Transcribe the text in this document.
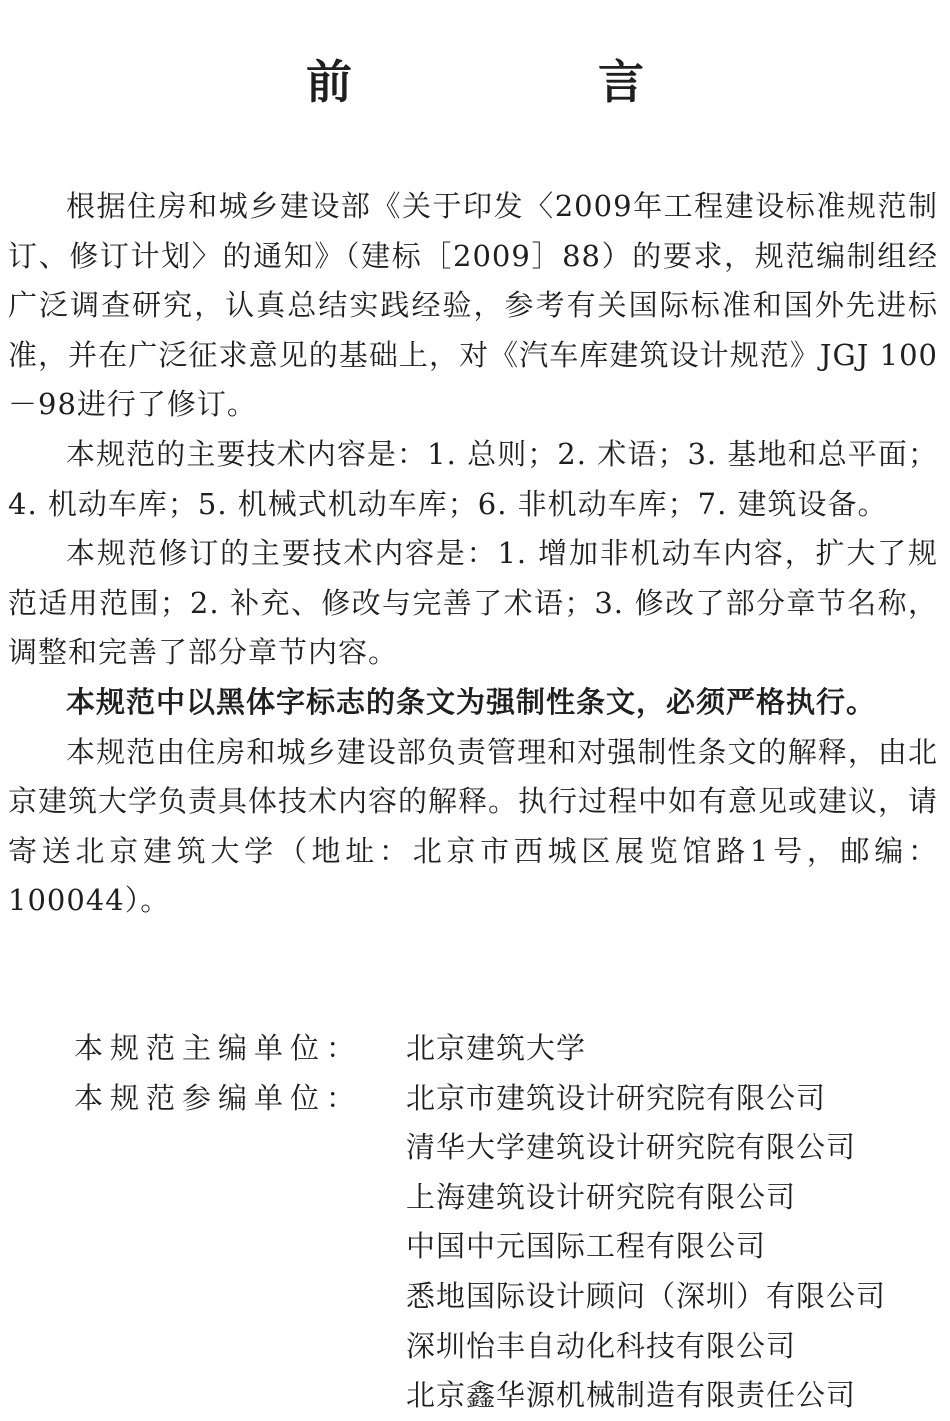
前　言

根据住房和城乡建设部《关于印发〈2009年工程建设标准规范制订、修订计划〉的通知》（建标［2009］88）的要求，规范编制组经广泛调查研究，认真总结实践经验，参考有关国际标准和国外先进标准，并在广泛征求意见的基础上，对《汽车库建筑设计规范》JGJ 100－98进行了修订。

本规范的主要技术内容是：1. 总则；2. 术语；3. 基地和总平面；4. 机动车库；5. 机械式机动车库；6. 非机动车库；7. 建筑设备。

本规范修订的主要技术内容是：1. 增加非机动车内容，扩大了规范适用范围；2. 补充、修改与完善了术语；3. 修改了部分章节名称，调整和完善了部分章节内容。

本规范中以黑体字标志的条文为强制性条文，必须严格执行。

本规范由住房和城乡建设部负责管理和对强制性条文的解释，由北京建筑大学负责具体技术内容的解释。执行过程中如有意见或建议，请寄送北京建筑大学（地址：北京市西城区展览馆路1号，邮编：100044）。

本规范主编单位：	北京建筑大学
本规范参编单位：	北京市建筑设计研究院有限公司
清华大学建筑设计研究院有限公司
上海建筑设计研究院有限公司
中国中元国际工程有限公司
悉地国际设计顾问（深圳）有限公司
深圳怡丰自动化科技有限公司
北京鑫华源机械制造有限责任公司
